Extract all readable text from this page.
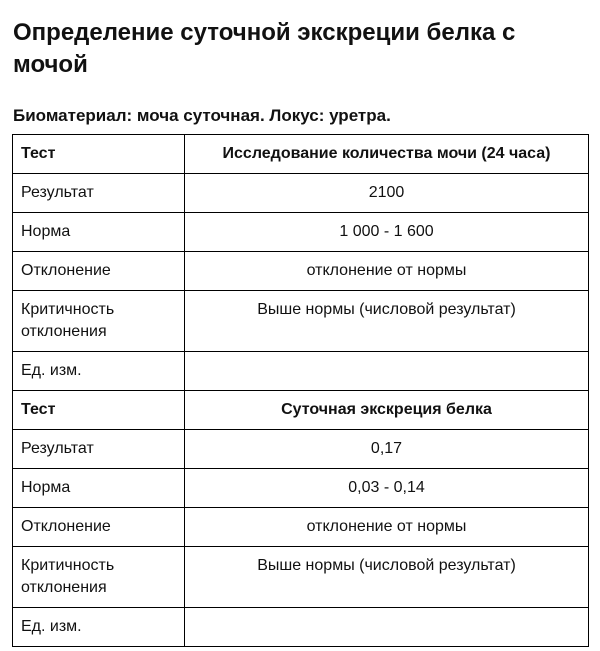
Определение суточной экскреции белка с мочой

Биоматериал: моча суточная. Локус: уретра.

Тест	Исследование количества мочи (24 часа)
Результат	2100
Норма	1 000 - 1 600
Отклонение	отклонение от нормы
Критичность отклонения	Выше нормы (числовой результат)
Ед. изм.	
Тест	Суточная экскреция белка
Результат	0,17
Норма	0,03 - 0,14
Отклонение	отклонение от нормы
Критичность отклонения	Выше нормы (числовой результат)
Ед. изм.	
